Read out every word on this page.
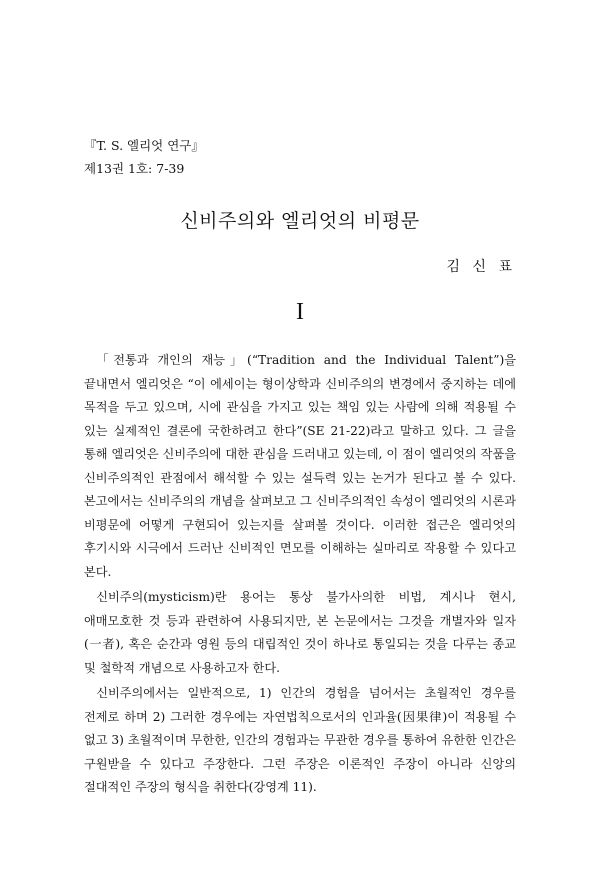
『T. S. 엘리엇 연구』
제13권 1호: 7-39
신비주의와 엘리엇의 비평문
김 신 표
I

「전통과 개인의 재능」(“Tradition and the Individual Talent”)을 끝내면서 엘리엇은 “이 에세이는 형이상학과 신비주의의 변경에서 중지하는 데에 목적을 두고 있으며, 시에 관심을 가지고 있는 책임 있는 사람에 의해 적용될 수 있는 실제적인 결론에 국한하려고 한다”(SE 21-22)라고 말하고 있다. 그 글을 통해 엘리엇은 신비주의에 대한 관심을 드러내고 있는데, 이 점이 엘리엇의 작품을 신비주의적인 관점에서 해석할 수 있는 설득력 있는 논거가 된다고 볼 수 있다. 본고에서는 신비주의의 개념을 살펴보고 그 신비주의적인 속성이 엘리엇의 시론과 비평문에 어떻게 구현되어 있는지를 살펴볼 것이다. 이러한 접근은 엘리엇의 후기시와 시극에서 드러난 신비적인 면모를 이해하는 실마리로 작용할 수 있다고 본다.

신비주의(mysticism)란 용어는 통상 불가사의한 비법, 계시나 현시, 애매모호한 것 등과 관련하여 사용되지만, 본 논문에서는 그것을 개별자와 일자(一者), 혹은 순간과 영원 등의 대립적인 것이 하나로 통일되는 것을 다루는 종교 및 철학적 개념으로 사용하고자 한다.

신비주의에서는 일반적으로, 1) 인간의 경험을 넘어서는 초월적인 경우를 전제로 하며 2) 그러한 경우에는 자연법칙으로서의 인과율(因果律)이 적용될 수 없고 3) 초월적이며 무한한, 인간의 경험과는 무관한 경우를 통하여 유한한 인간은 구원받을 수 있다고 주장한다. 그런 주장은 이론적인 주장이 아니라 신앙의 절대적인 주장의 형식을 취한다(강영계 11).
